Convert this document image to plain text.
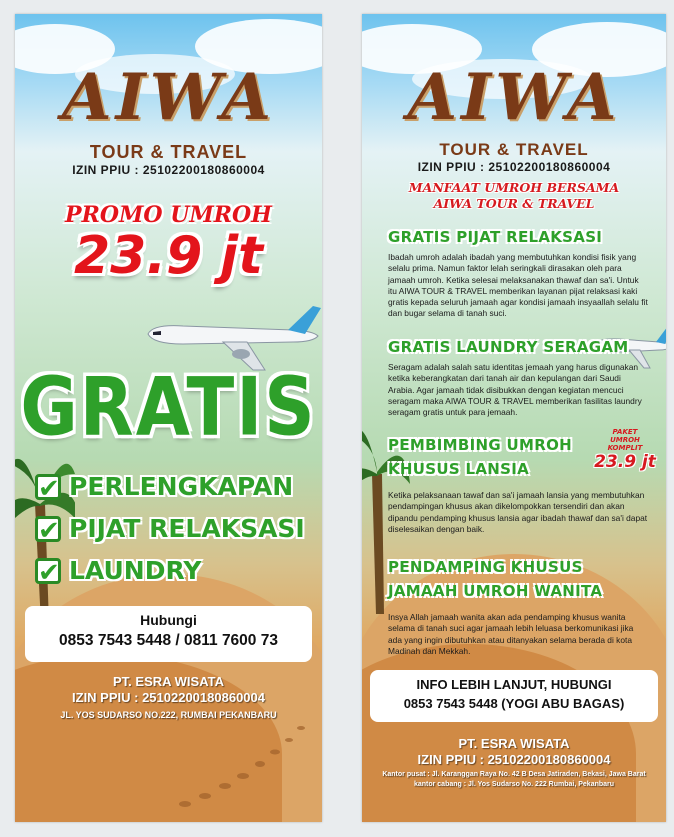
AIWA
TOUR & TRAVEL
IZIN PPIU : 25102200180860004
PROMO UMROH
23.9 jt
GRATIS
✔ PERLENGKAPAN
✔ PIJAT RELAKSASI
✔ LAUNDRY
Hubungi
0853 7543 5448 / 0811 7600 73
PT. ESRA WISATA
IZIN PPIU : 25102200180860004
JL. YOS SUDARSO NO.222, RUMBAI PEKANBARU
AIWA
TOUR & TRAVEL
IZIN PPIU : 25102200180860004
MANFAAT UMROH BERSAMA
AIWA TOUR & TRAVEL
GRATIS PIJAT RELAKSASI
Ibadah umroh adalah ibadah yang membutuhkan kondisi fisik yang selalu prima. Namun faktor lelah seringkali dirasakan oleh para jamaah umroh. Ketika selesai melaksanakan thawaf dan sa'i. Untuk itu AIWA TOUR & TRAVEL memberikan layanan pijat relaksasi kaki gratis kepada seluruh jamaah agar kondisi jamaah insyaallah selalu fit dan bugar selama di tanah suci.
GRATIS LAUNDRY SERAGAM
Seragam adalah salah satu identitas jemaah yang harus digunakan ketika keberangkatan dari tanah air dan kepulangan dari Saudi Arabia. Agar jamaah tidak disibukkan dengan kegiatan mencuci seragam maka AIWA TOUR & TRAVEL memberikan fasilitas laundry seragam gratis untuk para jemaah.
PEMBIMBING UMROH
KHUSUS LANSIA
Ketika pelaksanaan tawaf dan sa'i jamaah lansia yang membutuhkan pendampingan khusus akan dikelompokkan tersendiri dan akan dipandu pendamping khusus lansia agar ibadah thawaf dan sa'i dapat diselesaikan dengan baik.
PAKET
UMROH
KOMPLIT
23.9 jt
PENDAMPING KHUSUS
JAMAAH UMROH WANITA
Insya Allah jamaah wanita akan ada pendamping khusus wanita selama di tanah suci agar jamaah lebih leluasa berkomunikasi jika ada yang ingin dibutuhkan atau ditanyakan selama berada di kota Madinah dan Mekkah.
INFO LEBIH LANJUT, HUBUNGI
0853 7543 5448 (YOGI ABU BAGAS)
PT. ESRA WISATA
IZIN PPIU : 25102200180860004
Kantor pusat : Jl. Karanggan Raya No. 42 B Desa Jatiraden, Bekasi, Jawa Barat
kantor cabang : Jl. Yos Sudarso No. 222 Rumbai, Pekanbaru
